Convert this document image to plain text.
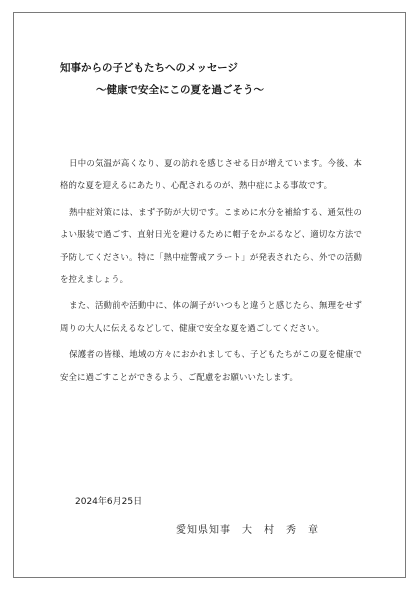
知事からの子どもたちへのメッセージ

～健康で安全にこの夏を過ごそう～

日中の気温が高くなり、夏の訪れを感じさせる日が増えています。今後、本格的な夏を迎えるにあたり、心配されるのが、熱中症による事故です。

熱中症対策には、まず予防が大切です。こまめに水分を補給する、通気性のよい服装で過ごす、直射日光を避けるために帽子をかぶるなど、適切な方法で予防してください。特に「熱中症警戒アラート」が発表されたら、外での活動を控えましょう。

また、活動前や活動中に、体の調子がいつもと違うと感じたら、無理をせず周りの大人に伝えるなどして、健康で安全な夏を過ごしてください。

保護者の皆様、地域の方々におかれましても、子どもたちがこの夏を健康で安全に過ごすことができるよう、ご配慮をお願いいたします。

2024年6月25日
愛知県知事　大　村　秀　章
